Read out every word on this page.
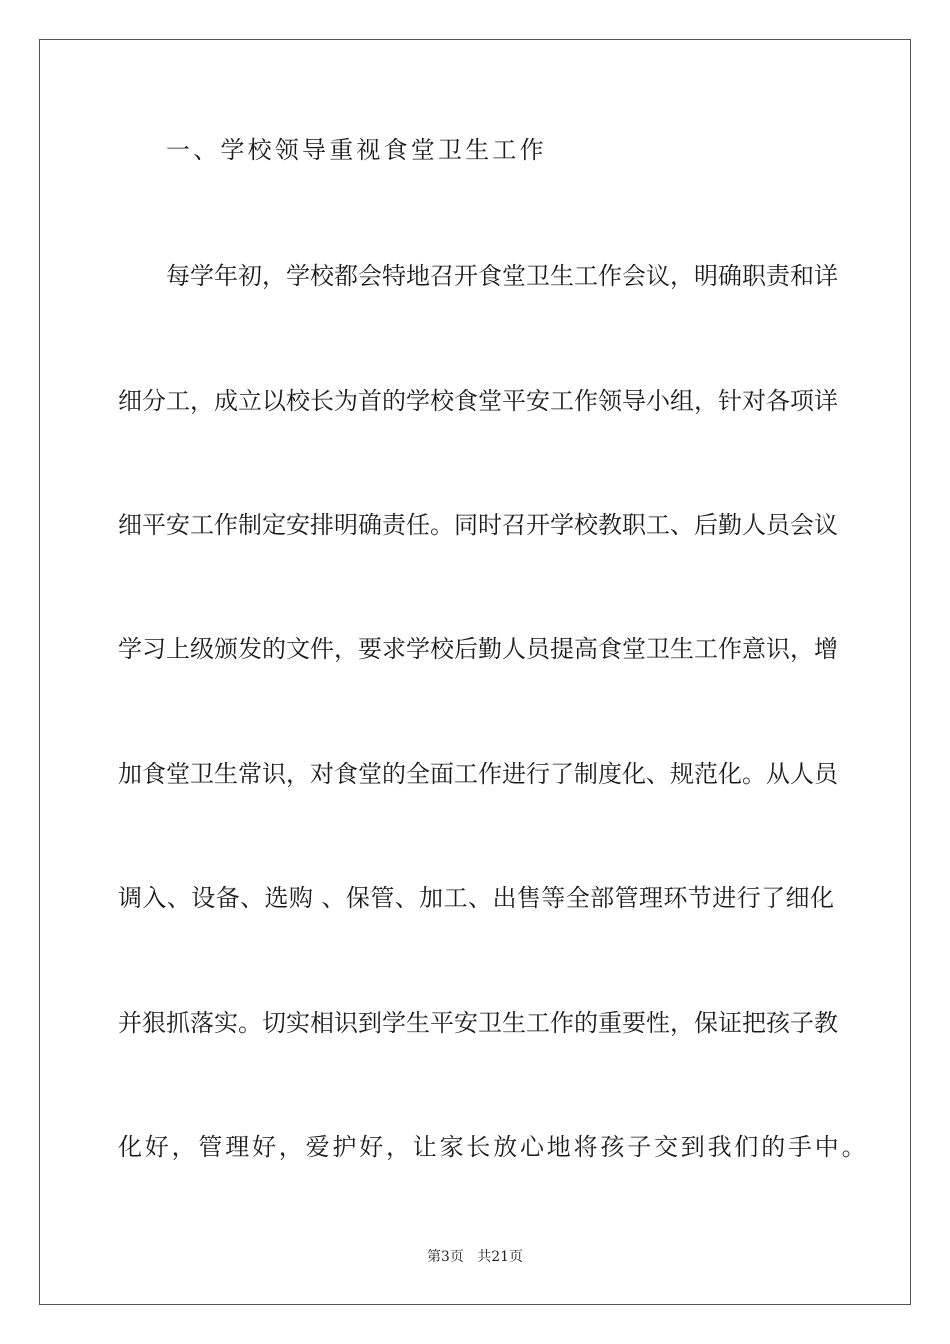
一、学校领导重视食堂卫生工作
每学年初，学校都会特地召开食堂卫生工作会议，明确职责和详
细分工，成立以校长为首的学校食堂平安工作领导小组，针对各项详
细平安工作制定安排明确责任。同时召开学校教职工、后勤人员会议
学习上级颁发的文件，要求学校后勤人员提高食堂卫生工作意识，增
加食堂卫生常识，对食堂的全面工作进行了制度化、规范化。从人员
调入、设备、选购 、保管、加工、出售等全部管理环节进行了细化
并狠抓落实。切实相识到学生平安卫生工作的重要性，保证把孩子教
化好，管理好，爱护好，让家长放心地将孩子交到我们的手中。
第3页 共21页
